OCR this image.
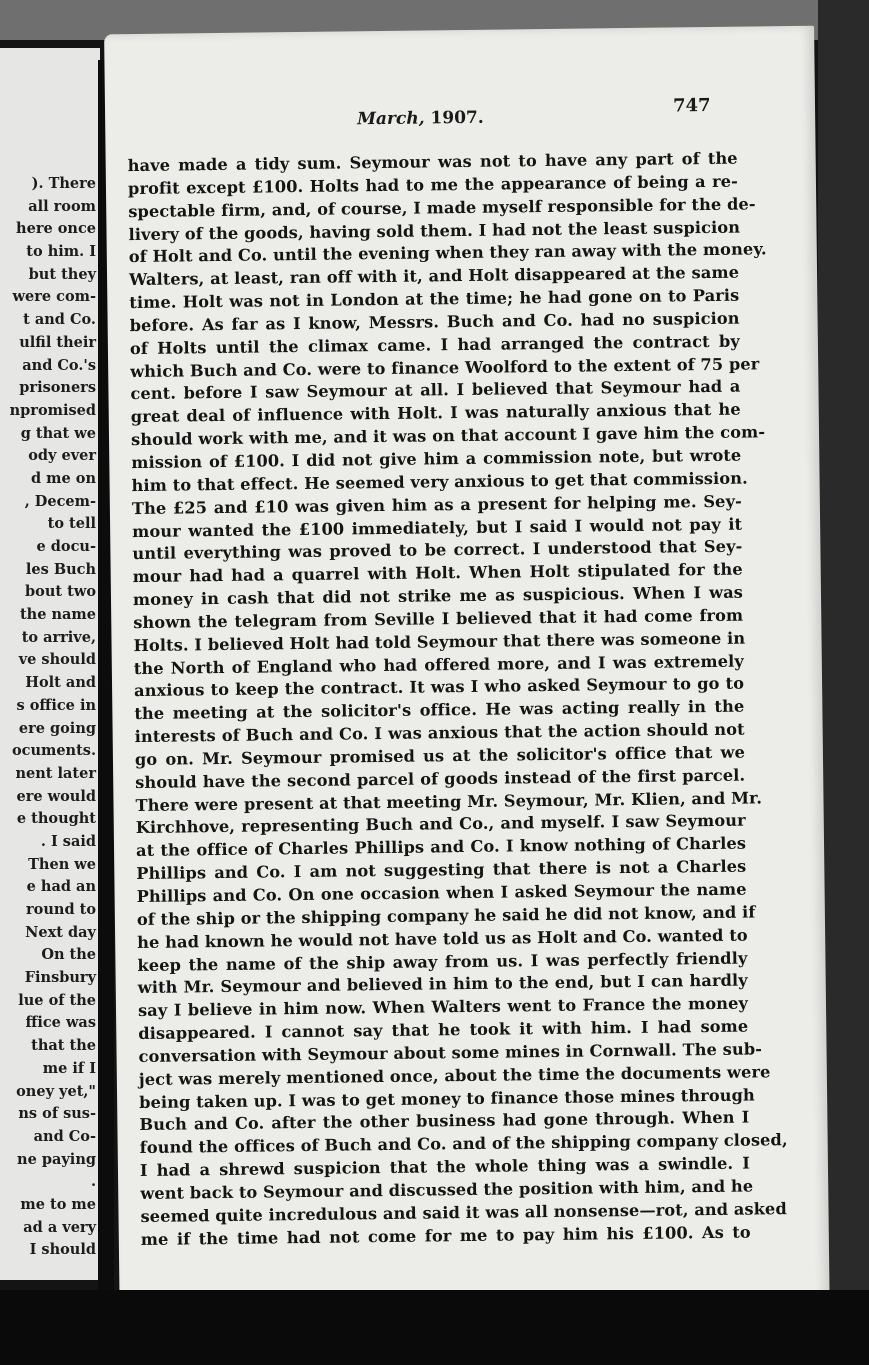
). There
all room
here once
to him. I
but they
were com-
t and Co.
ulfil their
and Co.'s
prisoners
npromised
g that we
ody ever
d me on
, Decem-
to tell
e docu-
les Buch
bout two
the name
to arrive,
ve should
Holt and
s office in
ere going
ocuments.
nent later
ere would
e thought
. I said
Then we
e had an
round to
Next day
On the
Finsbury
lue of the
ffice was
that the
me if I
oney yet,"
ns of sus-
and Co-
ne paying
.
me to me
ad a very
I should
March, 1907.
747
have made a tidy sum. Seymour was not to have any part of the
profit except £100. Holts had to me the appearance of being a re-
spectable firm, and, of course, I made myself responsible for the de-
livery of the goods, having sold them. I had not the least suspicion
of Holt and Co. until the evening when they ran away with the money.
Walters, at least, ran off with it, and Holt disappeared at the same
time. Holt was not in London at the time; he had gone on to Paris
before. As far as I know, Messrs. Buch and Co. had no suspicion
of Holts until the climax came. I had arranged the contract by
which Buch and Co. were to finance Woolford to the extent of 75 per
cent. before I saw Seymour at all. I believed that Seymour had a
great deal of influence with Holt. I was naturally anxious that he
should work with me, and it was on that account I gave him the com-
mission of £100. I did not give him a commission note, but wrote
him to that effect. He seemed very anxious to get that commission.
The £25 and £10 was given him as a present for helping me. Sey-
mour wanted the £100 immediately, but I said I would not pay it
until everything was proved to be correct. I understood that Sey-
mour had had a quarrel with Holt. When Holt stipulated for the
money in cash that did not strike me as suspicious. When I was
shown the telegram from Seville I believed that it had come from
Holts. I believed Holt had told Seymour that there was someone in
the North of England who had offered more, and I was extremely
anxious to keep the contract. It was I who asked Seymour to go to
the meeting at the solicitor's office. He was acting really in the
interests of Buch and Co. I was anxious that the action should not
go on. Mr. Seymour promised us at the solicitor's office that we
should have the second parcel of goods instead of the first parcel.
There were present at that meeting Mr. Seymour, Mr. Klien, and Mr.
Kirchhove, representing Buch and Co., and myself. I saw Seymour
at the office of Charles Phillips and Co. I know nothing of Charles
Phillips and Co. I am not suggesting that there is not a Charles
Phillips and Co. On one occasion when I asked Seymour the name
of the ship or the shipping company he said he did not know, and if
he had known he would not have told us as Holt and Co. wanted to
keep the name of the ship away from us. I was perfectly friendly
with Mr. Seymour and believed in him to the end, but I can hardly
say I believe in him now. When Walters went to France the money
disappeared. I cannot say that he took it with him. I had some
conversation with Seymour about some mines in Cornwall. The sub-
ject was merely mentioned once, about the time the documents were
being taken up. I was to get money to finance those mines through
Buch and Co. after the other business had gone through. When I
found the offices of Buch and Co. and of the shipping company closed,
I had a shrewd suspicion that the whole thing was a swindle. I
went back to Seymour and discussed the position with him, and he
seemed quite incredulous and said it was all nonsense—rot, and asked
me if the time had not come for me to pay him his £100. As to
